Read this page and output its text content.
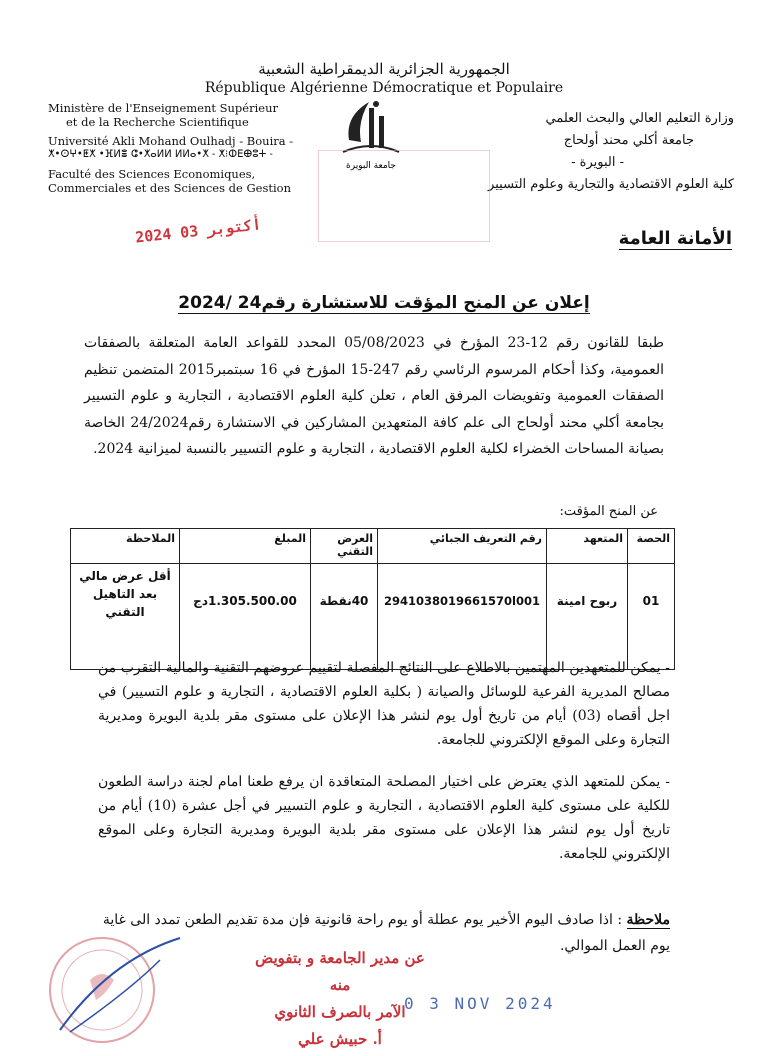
الجمهورية الجزائرية الديمقراطية الشعبية
République Algérienne Démocratique et Populaire
Ministère de l'Enseignement Supérieur
et de la Recherche Scientifique
Université Akli Mohand Oulhadj - Bouira -
ⵅ•ⵙⵖ•ⵟⵅ •ⴼⵍⴻ ⵛ•ⵅⴰⵍⵍ ⵍⵍⴰ•ⵅ - ⵅ⁝ⵀⴹⴲⵓⵜ -
Faculté des Sciences Economiques,
Commerciales et des Sciences de Gestion
وزارة التعليم العالي والبحث العلمي
جامعة أكلي محند أولحاج
- البويرة -
كلية العلوم الاقتصادية والتجارية وعلوم التسيير
جامعة البويرة
2024 أكتوبر 03	الأمانة العامة
إعلان عن المنح المؤقت للاستشارة رقم24 /2024

طبقا للقانون رقم 12-23 المؤرخ في 05/08/2023 المحدد للقواعد العامة المتعلقة بالصفقات العمومية، وكذا أحكام المرسوم الرئاسي رقم 247-15 المؤرخ في 16 سبتمبر2015 المتضمن تنظيم الصفقات العمومية وتفويضات المرفق العام ، تعلن كلية العلوم الاقتصادية ، التجارية و علوم التسيير بجامعة أكلي محند أولحاج الى علم كافة المتعهدين المشاركين في الاستشارة رقم24/2024 الخاصة بصيانة المساحات الخضراء لكلية العلوم الاقتصادية ، التجارية و علوم التسيير بالنسبة لميزانية 2024.

عن المنح المؤقت:
الحصة	المتعهد	رقم التعريف الجبائي	العرض التقني	المبلغ	الملاحظة
01	ربوح امينة	2941038019661570l001	40نقطة	1.305.500.00دج	أقل عرض مالي بعد التاهيل التقني
- يمكن للمتعهدين المهتمين بالاطلاع على النتائج المفصلة لتقييم عروضهم التقنية والمالية التقرب من مصالح المديرية الفرعية للوسائل والصيانة ( بكلية العلوم الاقتصادية ، التجارية و علوم التسيير) في اجل أقصاه (03) أيام من تاريخ أول يوم لنشر هذا الإعلان على مستوى مقر بلدية البويرة ومديرية التجارة وعلى الموقع الإلكتروني للجامعة.
- يمكن للمتعهد الذي يعترض على اختيار المصلحة المتعاقدة ان يرفع طعنا امام لجنة دراسة الطعون للكلية على مستوى كلية العلوم الاقتصادية ، التجارية و علوم التسيير في أجل عشرة (10) أيام من تاريخ أول يوم لنشر هذا الإعلان على مستوى مقر بلدية البويرة ومديرية التجارة وعلى الموقع الإلكتروني للجامعة.
ملاحظة : اذا صادف اليوم الأخير يوم عطلة أو يوم راحة قانونية فإن مدة تقديم الطعن تمدد الى غاية يوم العمل الموالي.
عن مدير الجامعة و بتفويض منه
الآمر بالصرف الثانوي
أ. حبيش علي
0 3 NOV 2024
